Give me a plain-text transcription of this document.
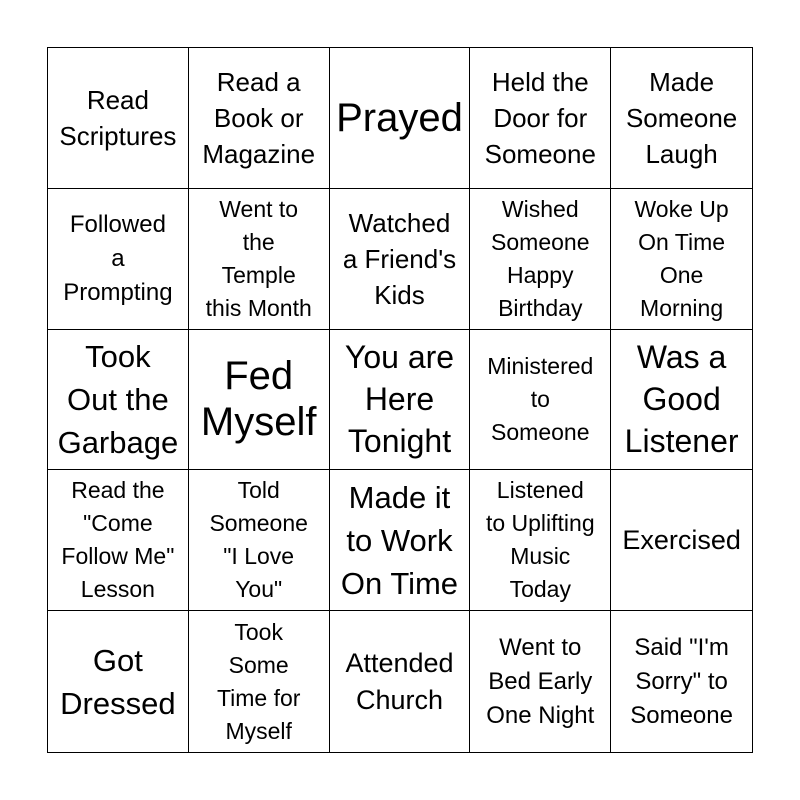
Read
Scriptures
Read a
Book or
Magazine
Prayed
Held the
Door for
Someone
Made
Someone
Laugh
Followed
a
Prompting
Went to
the
Temple
this Month
Watched
a Friend's
Kids
Wished
Someone
Happy
Birthday
Woke Up
On Time
One
Morning
Took
Out the
Garbage
Fed
Myself
You are
Here
Tonight
Ministered
to
Someone
Was a
Good
Listener
Read the
"Come
Follow Me"
Lesson
Told
Someone
"I Love
You"
Made it
to Work
On Time
Listened
to Uplifting
Music
Today
Exercised
Got
Dressed
Took
Some
Time for
Myself
Attended
Church
Went to
Bed Early
One Night
Said "I'm
Sorry" to
Someone
